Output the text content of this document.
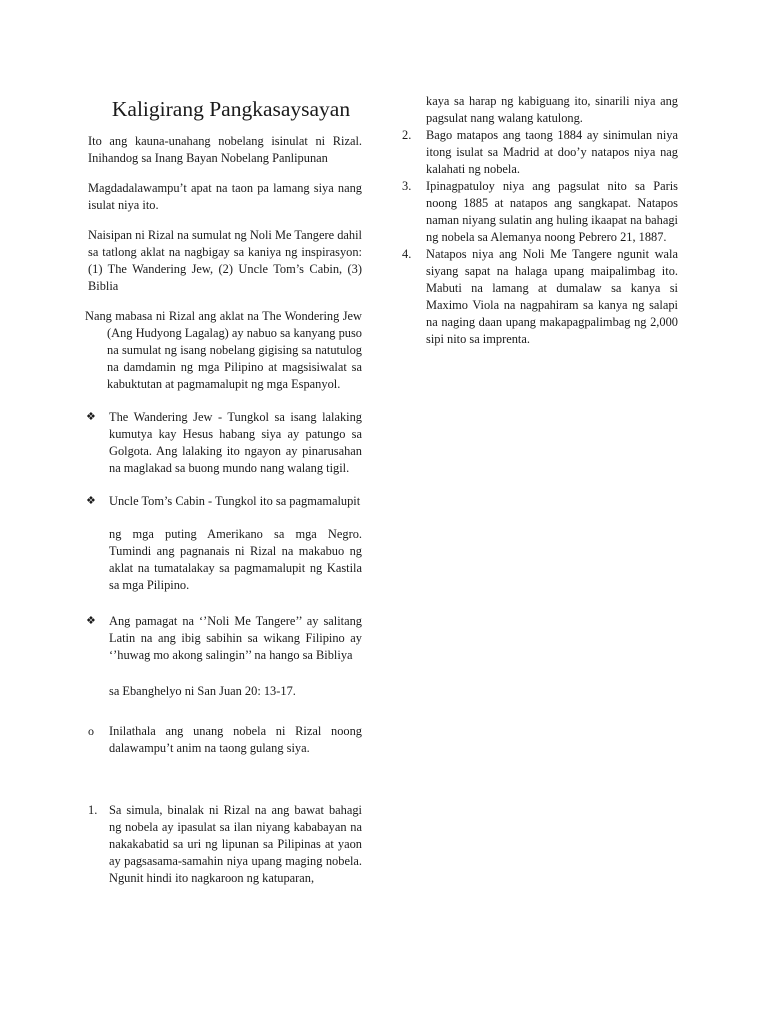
Kaligirang Pangkasaysayan

Ito ang kauna-unahang nobelang isinulat ni Rizal. Inihandog sa Inang Bayan Nobelang Panlipunan

Magdadalawampu’t apat na taon pa lamang siya nang isulat niya ito.

Naisipan ni Rizal na sumulat ng Noli Me Tangere dahil sa tatlong aklat na nagbigay sa kaniya ng inspirasyon: (1) The Wandering Jew, (2) Uncle Tom’s Cabin, (3) Biblia

Nang mabasa ni Rizal ang aklat na The Wondering Jew (Ang Hudyong Lagalag) ay nabuo sa kanyang puso na sumulat ng isang nobelang gigising sa natutulog na damdamin ng mga Pilipino at magsisiwalat sa kabuktutan at pagmamalupit ng mga Espanyol.

❖	The Wandering Jew - Tungkol sa isang lalaking kumutya kay Hesus habang siya ay patungo sa Golgota. Ang lalaking ito ngayon ay pinarusahan na maglakad sa buong mundo nang walang tigil.
❖	Uncle Tom’s Cabin - Tungkol ito sa pagmamalupit
ng mga puting Amerikano sa mga Negro.
Tumindi ang pagnanais ni Rizal na makabuo ng aklat na tumatalakay sa pagmamalupit ng Kastila sa mga Pilipino.
❖	Ang pamagat na ‘’Noli Me Tangere’’ ay salitang Latin na ang ibig sabihin sa wikang Filipino ay ‘’huwag mo akong salingin’’ na hango sa Bibliya
sa Ebanghelyo ni San Juan 20: 13-17.
o	Inilathala ang unang nobela ni Rizal noong dalawampu’t anim na taong gulang siya.
1. Sa simula, binalak ni Rizal na ang bawat bahagi ng nobela ay ipasulat sa ilan niyang kababayan na nakakabatid sa uri ng lipunan sa Pilipinas at yaon ay pagsasama-samahin niya upang maging nobela. Ngunit hindi ito nagkaroon ng katuparan,

kaya sa harap ng kabiguang ito, sinarili niya ang pagsulat nang walang katulong.

2. Bago matapos ang taong 1884 ay sinimulan niya itong isulat sa Madrid at doo’y natapos niya nag kalahati ng nobela.
3. Ipinagpatuloy niya ang pagsulat nito sa Paris noong 1885 at natapos ang sangkapat. Natapos naman niyang sulatin ang huling ikaapat na bahagi ng nobela sa Alemanya noong Pebrero 21, 1887.
4. Natapos niya ang Noli Me Tangere ngunit wala siyang sapat na halaga upang maipalimbag ito. Mabuti na lamang at dumalaw sa kanya si Maximo Viola na nagpahiram sa kanya ng salapi na naging daan upang makapagpalimbag ng 2,000 sipi nito sa imprenta.
